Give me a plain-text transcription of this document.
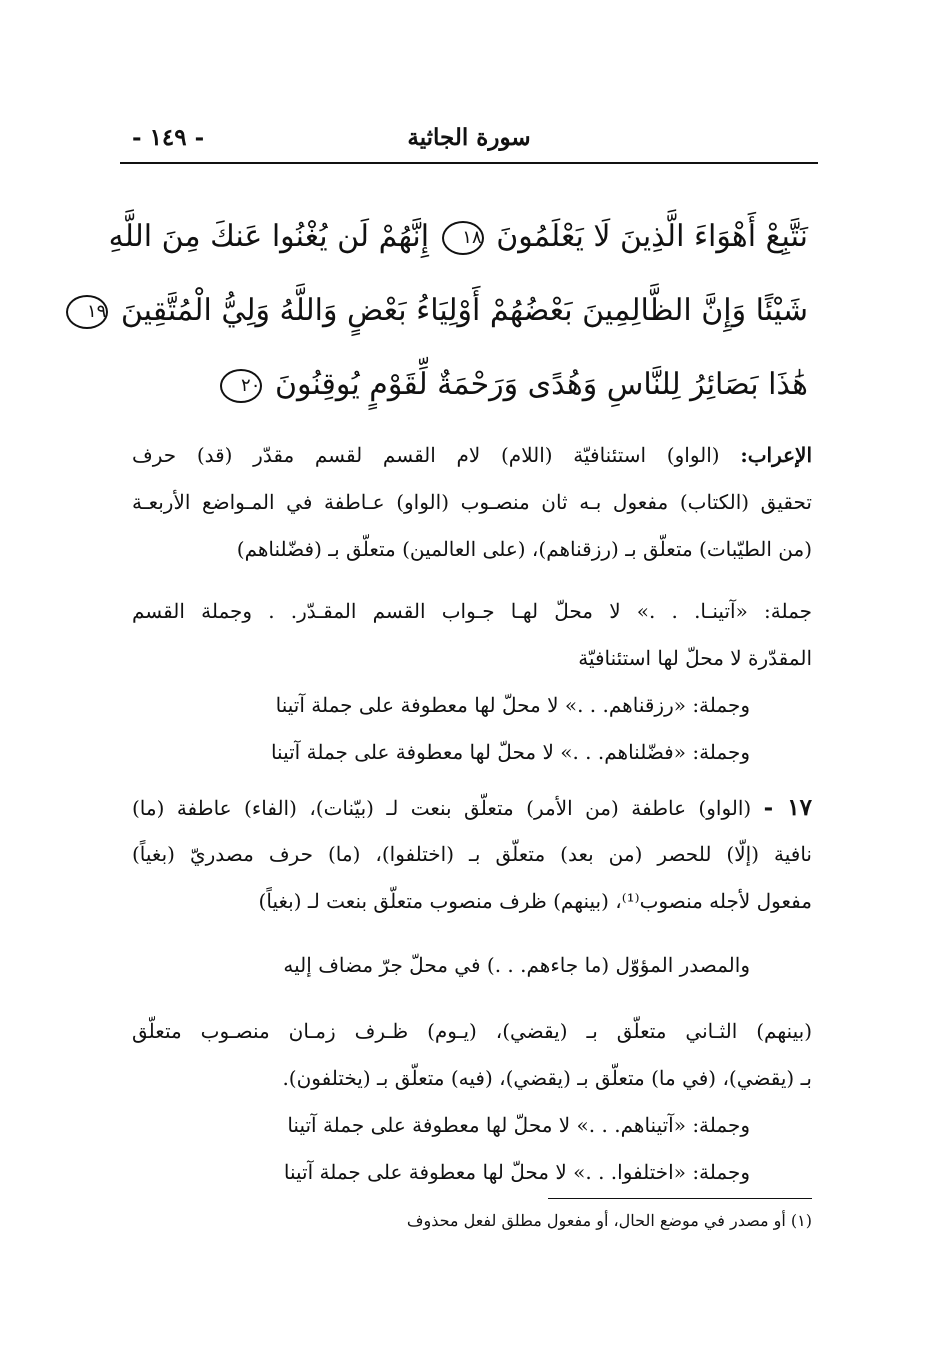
سورة الجاثية
- ١٤٩ -
نَتَّبِعْ أَهْوَاءَ الَّذِينَ لَا يَعْلَمُونَ ١٨ إِنَّهُمْ لَن يُغْنُوا عَنكَ مِنَ اللَّهِ
شَيْئًا وَإِنَّ الظَّالِمِينَ بَعْضُهُمْ أَوْلِيَاءُ بَعْضٍ وَاللَّهُ وَلِيُّ الْمُتَّقِينَ ١٩
هَٰذَا بَصَائِرُ لِلنَّاسِ وَهُدًى وَرَحْمَةٌ لِّقَوْمٍ يُوقِنُونَ ٢٠
الإعراب: (الواو) استئنافيّة (اللام) لام القسم لقسم مقدّر (قد) حرف
تحقيق (الكتاب) مفعول بـه ثان منصـوب (الواو) عـاطفة في المـواضع الأربعـة
(من الطيّبات) متعلّق بـ (رزقناهم)، (على العالمين) متعلّق بـ (فضّلناهم)
جملة: «آتينـا. . .» لا محلّ لهـا جـواب القسم المقـدّر. . وجملة القسم
المقدّرة لا محلّ لها استئنافيّة
وجملة: «رزقناهم. . .» لا محلّ لها معطوفة على جملة آتينا
وجملة: «فضّلناهم. . .» لا محلّ لها معطوفة على جملة آتينا
١٧ - (الواو) عاطفة (من الأمر) متعلّق بنعت لـ (بيّنات)، (الفاء) عاطفة (ما)
نافية (إلّا) للحصر (من بعد) متعلّق بـ (اختلفوا)، (ما) حرف مصدريّ (بغياً)
مفعول لأجله منصوب⁽¹⁾، (بينهم) ظرف منصوب متعلّق بنعت لـ (بغياً)
والمصدر المؤوّل (ما جاءهم. . .) في محلّ جرّ مضاف إليه
(بينهم) الثـاني متعلّق بـ (يقضي)، (يـوم) ظـرف زمـان منصـوب متعلّق
بـ (يقضي)، (في ما) متعلّق بـ (يقضي)، (فيه) متعلّق بـ (يختلفون).
وجملة: «آتيناهم. . .» لا محلّ لها معطوفة على جملة آتينا
وجملة: «اختلفوا. . .» لا محلّ لها معطوفة على جملة آتينا
(١) أو مصدر في موضع الحال، أو مفعول مطلق لفعل محذوف
